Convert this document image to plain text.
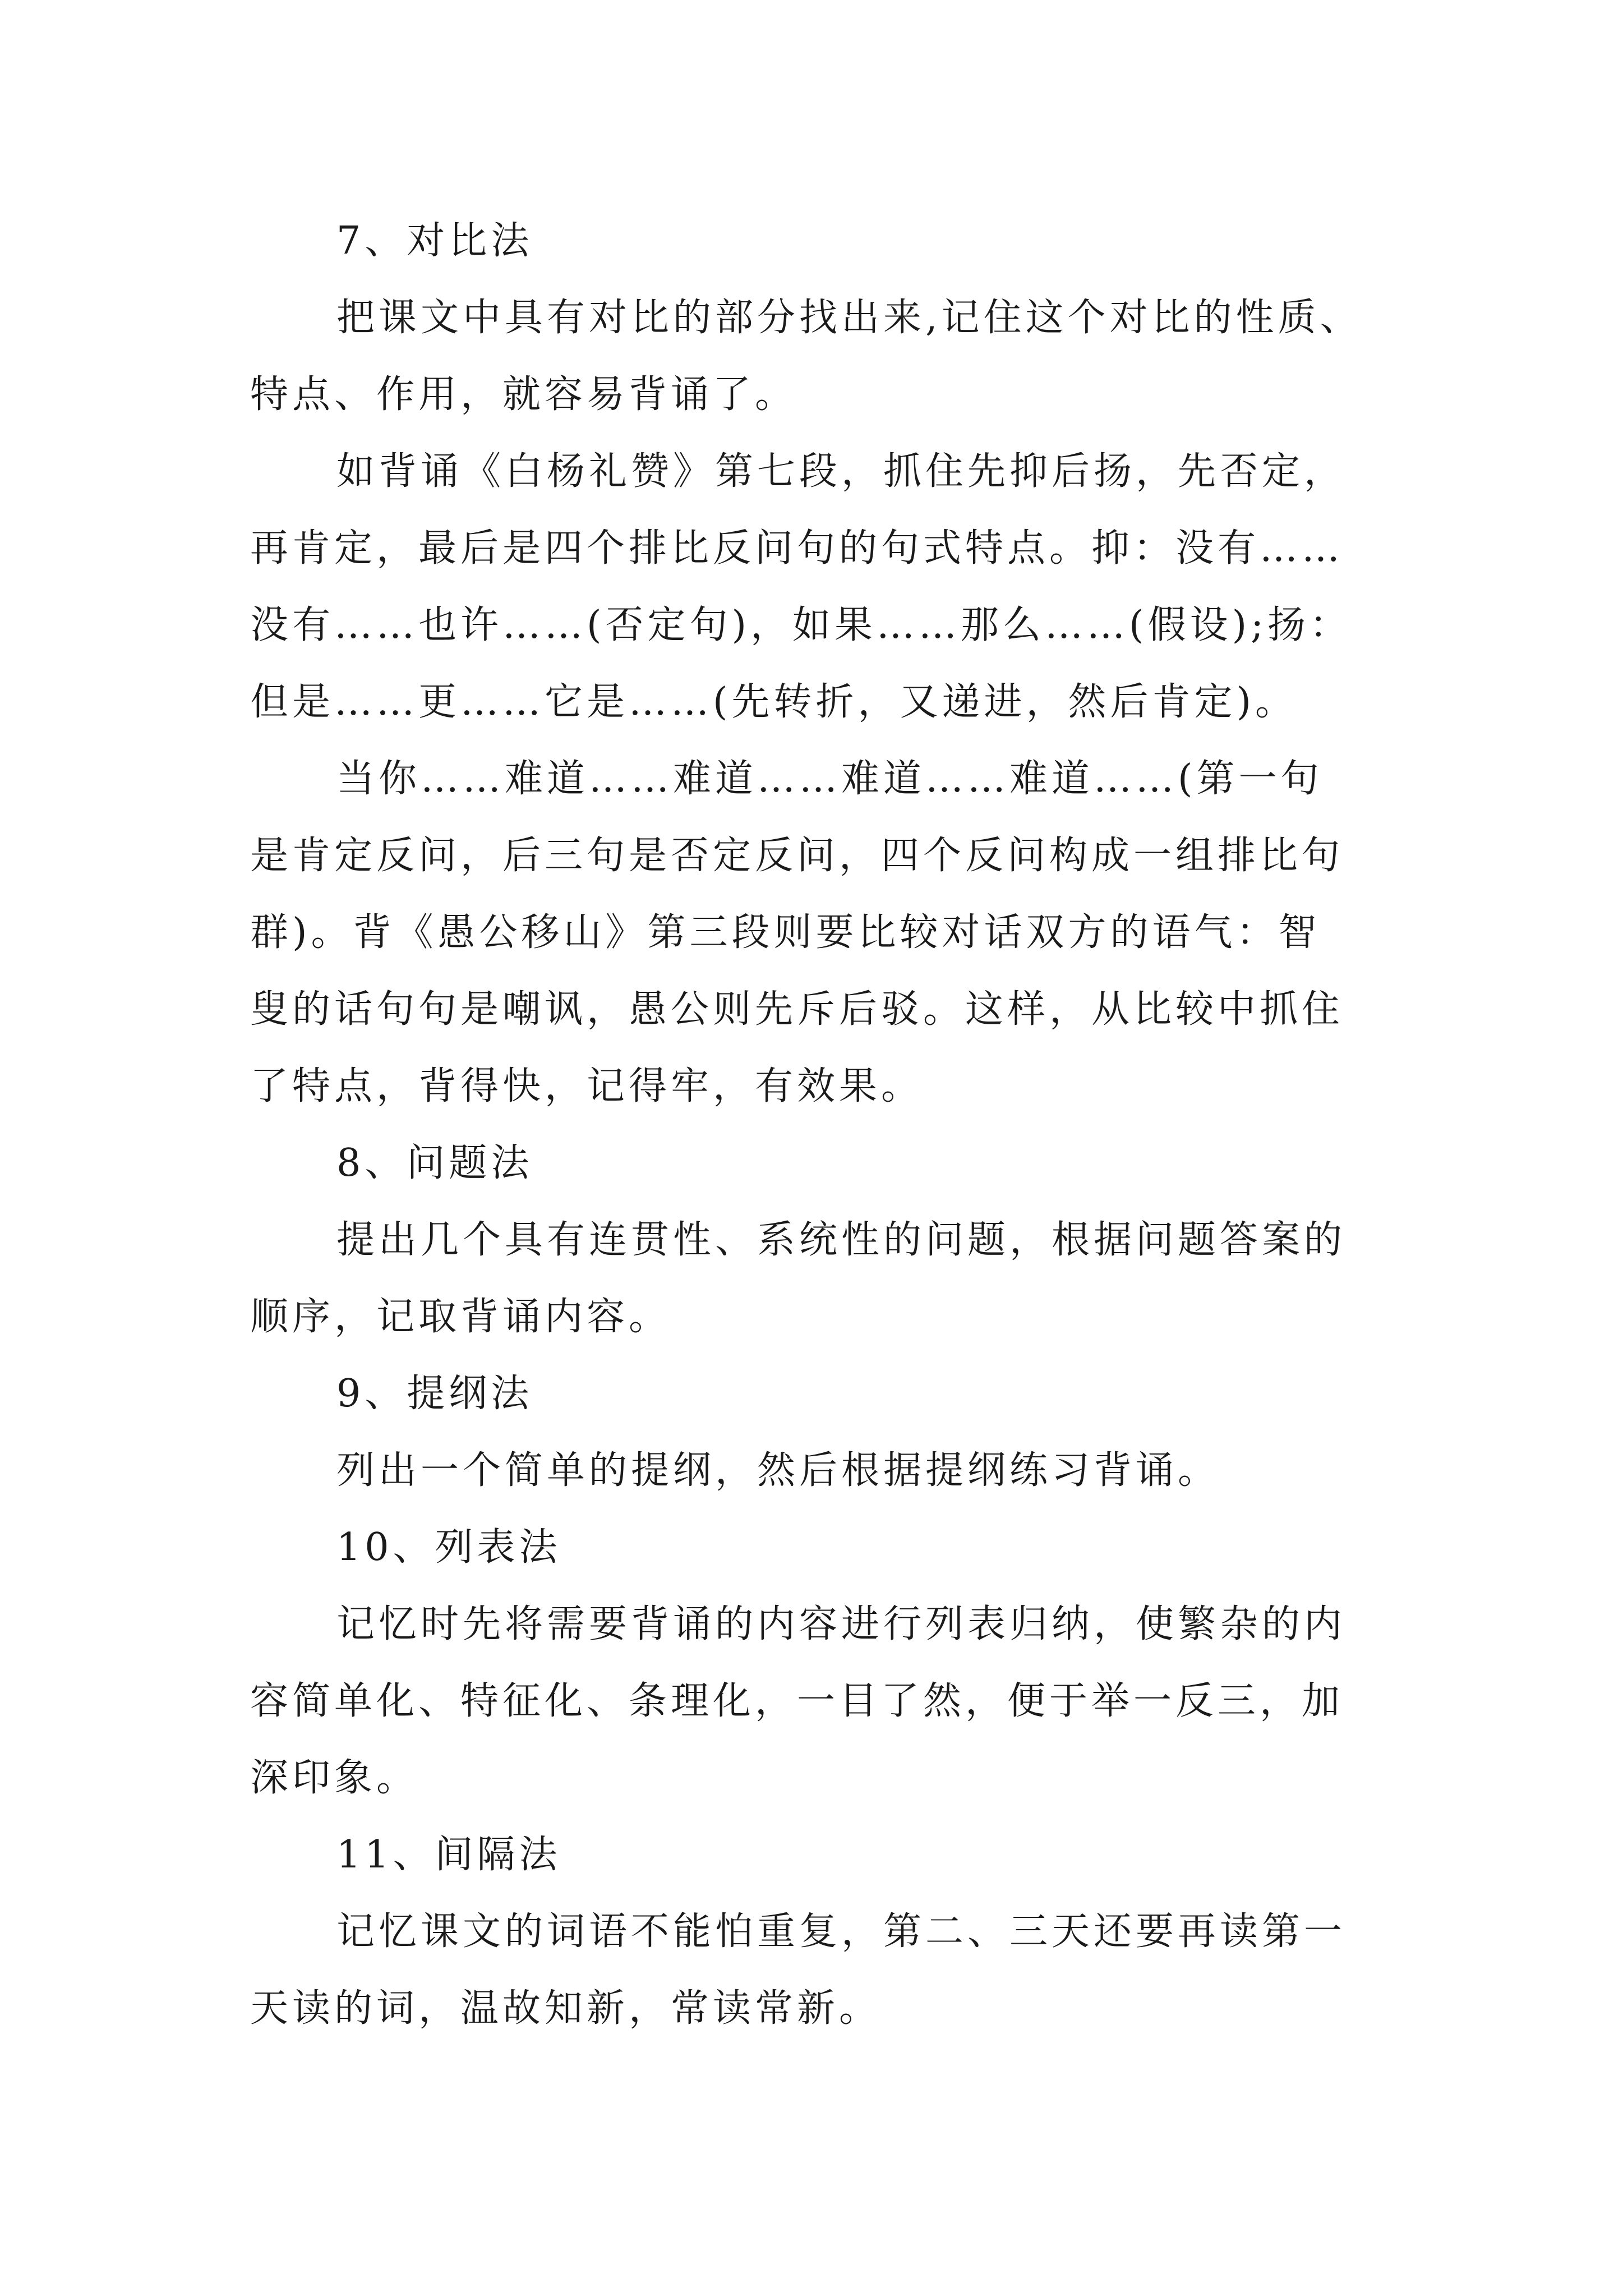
7、对比法
把课文中具有对比的部分找出来,记住这个对比的性质、
特点、作用，就容易背诵了。
如背诵《白杨礼赞》第七段，抓住先抑后扬，先否定，
再肯定，最后是四个排比反问句的句式特点。抑：没有……
没有……也许……(否定句)，如果……那么……(假设);扬：
但是……更……它是……(先转折，又递进，然后肯定)。
当你……难道……难道……难道……难道……(第一句
是肯定反问，后三句是否定反问，四个反问构成一组排比句
群)。背《愚公移山》第三段则要比较对话双方的语气：智
叟的话句句是嘲讽，愚公则先斥后驳。这样，从比较中抓住
了特点，背得快，记得牢，有效果。
8、问题法
提出几个具有连贯性、系统性的问题，根据问题答案的
顺序，记取背诵内容。
9、提纲法
列出一个简单的提纲，然后根据提纲练习背诵。
10、列表法
记忆时先将需要背诵的内容进行列表归纳，使繁杂的内
容简单化、特征化、条理化，一目了然，便于举一反三，加
深印象。
11、间隔法
记忆课文的词语不能怕重复，第二、三天还要再读第一
天读的词，温故知新，常读常新。
